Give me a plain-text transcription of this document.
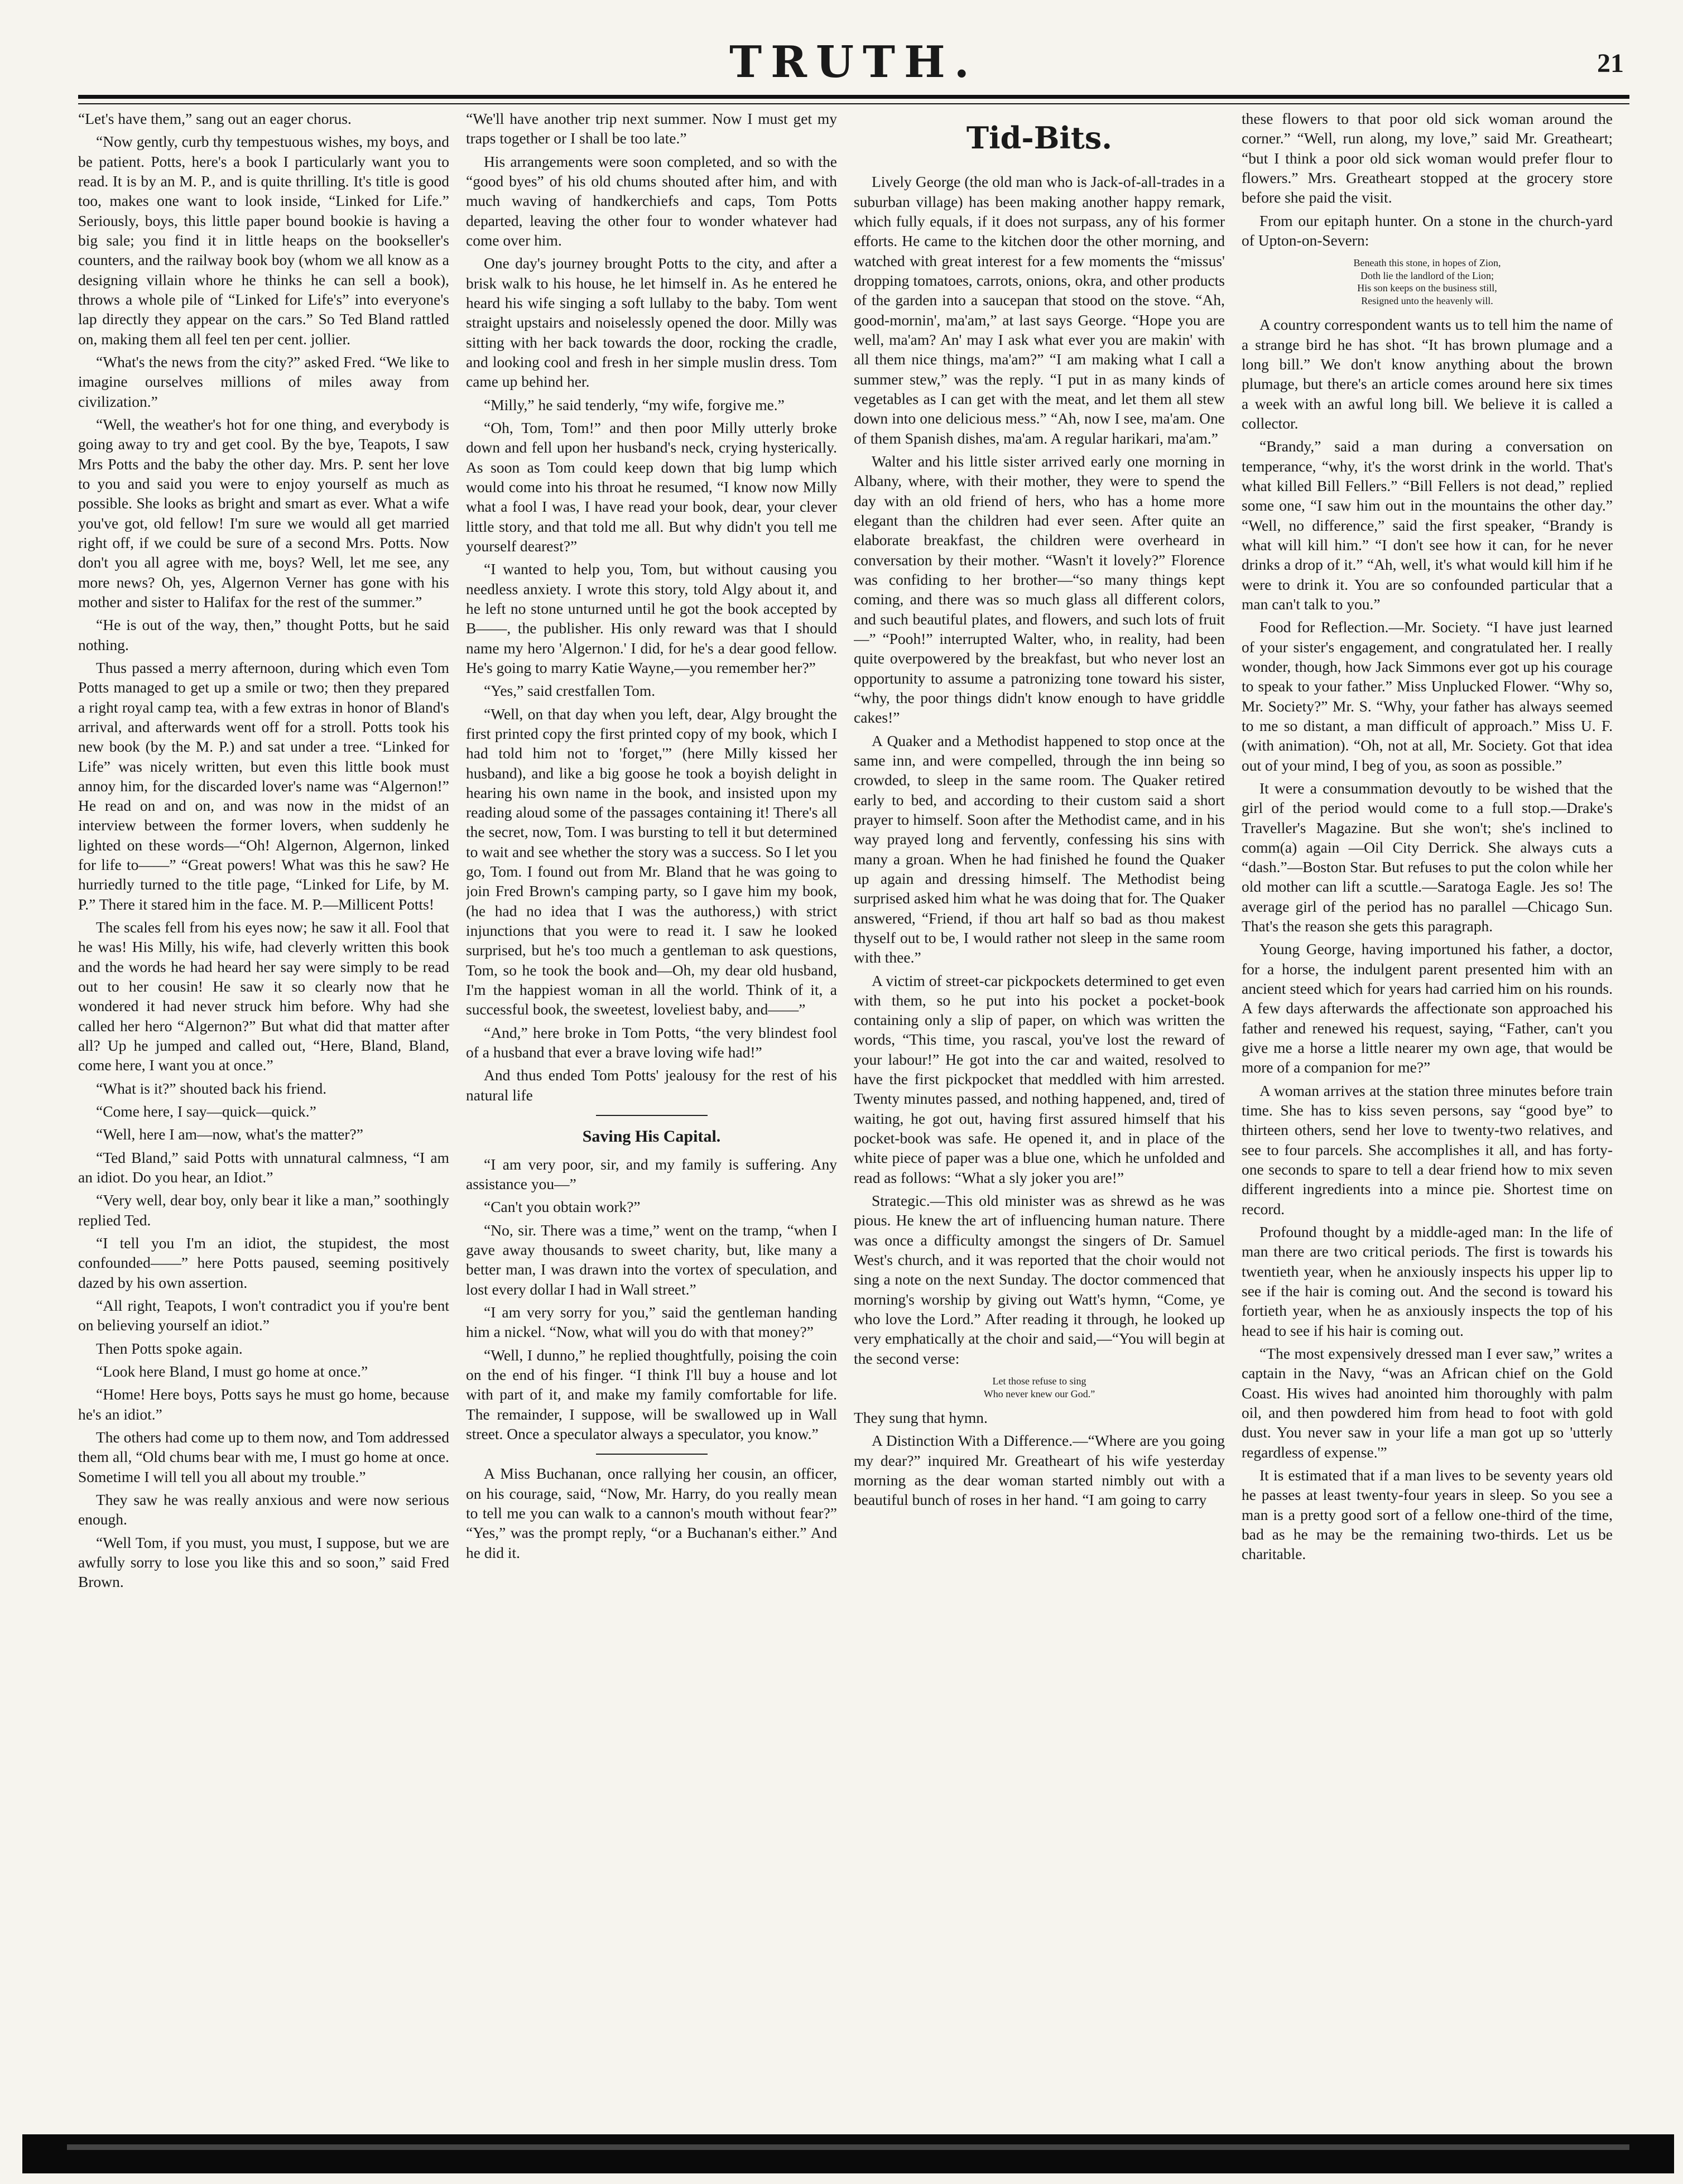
TRUTH.	21

“Let's have them,” sang out an eager chorus.

“Now gently, curb thy tempestuous wishes, my boys, and be patient. Potts, here's a book I particularly want you to read. It is by an M. P., and is quite thrilling. It's title is good too, makes one want to look inside, “Linked for Life.” Seriously, boys, this little paper bound bookie is having a big sale; you find it in little heaps on the bookseller's counters, and the railway book boy (whom we all know as a designing villain whore he thinks he can sell a book), throws a whole pile of “Linked for Life's” into everyone's lap directly they appear on the cars.” So Ted Bland rattled on, making them all feel ten per cent. jollier.

“What's the news from the city?” asked Fred. “We like to imagine ourselves millions of miles away from civilization.”

“Well, the weather's hot for one thing, and everybody is going away to try and get cool. By the bye, Teapots, I saw Mrs Potts and the baby the other day. Mrs. P. sent her love to you and said you were to enjoy yourself as much as possible. She looks as bright and smart as ever. What a wife you've got, old fellow! I'm sure we would all get married right off, if we could be sure of a second Mrs. Potts. Now don't you all agree with me, boys? Well, let me see, any more news? Oh, yes, Algernon Verner has gone with his mother and sister to Halifax for the rest of the summer.”

“He is out of the way, then,” thought Potts, but he said nothing.

Thus passed a merry afternoon, during which even Tom Potts managed to get up a smile or two; then they prepared a right royal camp tea, with a few extras in honor of Bland's arrival, and afterwards went off for a stroll. Potts took his new book (by the M. P.) and sat under a tree. “Linked for Life” was nicely written, but even this little book must annoy him, for the discarded lover's name was “Algernon!” He read on and on, and was now in the midst of an interview between the former lovers, when suddenly he lighted on these words—“Oh! Algernon, Algernon, linked for life to——” “Great powers! What was this he saw? He hurriedly turned to the title page, “Linked for Life, by M. P.” There it stared him in the face. M. P.—Millicent Potts!

The scales fell from his eyes now; he saw it all. Fool that he was! His Milly, his wife, had cleverly written this book and the words he had heard her say were simply to be read out to her cousin! He saw it so clearly now that he wondered it had never struck him before. Why had she called her hero “Algernon?” But what did that matter after all? Up he jumped and called out, “Here, Bland, Bland, come here, I want you at once.”

“What is it?” shouted back his friend.

“Come here, I say—quick—quick.”

“Well, here I am—now, what's the matter?”

“Ted Bland,” said Potts with unnatural calmness, “I am an idiot. Do you hear, an Idiot.”

“Very well, dear boy, only bear it like a man,” soothingly replied Ted.

“I tell you I'm an idiot, the stupidest, the most confounded——” here Potts paused, seeming positively dazed by his own assertion.

“All right, Teapots, I won't contradict you if you're bent on believing yourself an idiot.”

Then Potts spoke again.

“Look here Bland, I must go home at once.”

“Home! Here boys, Potts says he must go home, because he's an idiot.”

The others had come up to them now, and Tom addressed them all, “Old chums bear with me, I must go home at once. Sometime I will tell you all about my trouble.”

They saw he was really anxious and were now serious enough.

“Well Tom, if you must, you must, I suppose, but we are awfully sorry to lose you like this and so soon,” said Fred Brown.

“We'll have another trip next summer. Now I must get my traps together or I shall be too late.”

His arrangements were soon completed, and so with the “good byes” of his old chums shouted after him, and with much waving of handkerchiefs and caps, Tom Potts departed, leaving the other four to wonder whatever had come over him.

One day's journey brought Potts to the city, and after a brisk walk to his house, he let himself in. As he entered he heard his wife singing a soft lullaby to the baby. Tom went straight upstairs and noiselessly opened the door. Milly was sitting with her back towards the door, rocking the cradle, and looking cool and fresh in her simple muslin dress. Tom came up behind her.

“Milly,” he said tenderly, “my wife, forgive me.”

“Oh, Tom, Tom!” and then poor Milly utterly broke down and fell upon her husband's neck, crying hysterically. As soon as Tom could keep down that big lump which would come into his throat he resumed, “I know now Milly what a fool I was, I have read your book, dear, your clever little story, and that told me all. But why didn't you tell me yourself dearest?”

“I wanted to help you, Tom, but without causing you needless anxiety. I wrote this story, told Algy about it, and he left no stone unturned until he got the book accepted by B——, the publisher. His only reward was that I should name my hero 'Algernon.' I did, for he's a dear good fellow. He's going to marry Katie Wayne,—you remember her?”

“Yes,” said crestfallen Tom.

“Well, on that day when you left, dear, Algy brought the first printed copy the first printed copy of my book, which I had told him not to 'forget,'” (here Milly kissed her husband), and like a big goose he took a boyish delight in hearing his own name in the book, and insisted upon my reading aloud some of the passages containing it! There's all the secret, now, Tom. I was bursting to tell it but determined to wait and see whether the story was a success. So I let you go, Tom. I found out from Mr. Bland that he was going to join Fred Brown's camping party, so I gave him my book, (he had no idea that I was the authoress,) with strict injunctions that you were to read it. I saw he looked surprised, but he's too much a gentleman to ask questions, Tom, so he took the book and—Oh, my dear old husband, I'm the happiest woman in all the world. Think of it, a successful book, the sweetest, loveliest baby, and——”

“And,” here broke in Tom Potts, “the very blindest fool of a husband that ever a brave loving wife had!”

And thus ended Tom Potts' jealousy for the rest of his natural life

Saving His Capital.

“I am very poor, sir, and my family is suffering. Any assistance you—”

“Can't you obtain work?”

“No, sir. There was a time,” went on the tramp, “when I gave away thousands to sweet charity, but, like many a better man, I was drawn into the vortex of speculation, and lost every dollar I had in Wall street.”

“I am very sorry for you,” said the gentleman handing him a nickel. “Now, what will you do with that money?”

“Well, I dunno,” he replied thoughtfully, poising the coin on the end of his finger. “I think I'll buy a house and lot with part of it, and make my family comfortable for life. The remainder, I suppose, will be swallowed up in Wall street. Once a speculator always a speculator, you know.”

A Miss Buchanan, once rallying her cousin, an officer, on his courage, said, “Now, Mr. Harry, do you really mean to tell me you can walk to a cannon's mouth without fear?” “Yes,” was the prompt reply, “or a Buchanan's either.” And he did it.

Tid-Bits.

Lively George (the old man who is Jack-of-all-trades in a suburban village) has been making another happy remark, which fully equals, if it does not surpass, any of his former efforts. He came to the kitchen door the other morning, and watched with great interest for a few moments the “missus' dropping tomatoes, carrots, onions, okra, and other products of the garden into a saucepan that stood on the stove. “Ah, good-mornin', ma'am,” at last says George. “Hope you are well, ma'am? An' may I ask what ever you are makin' with all them nice things, ma'am?” “I am making what I call a summer stew,” was the reply. “I put in as many kinds of vegetables as I can get with the meat, and let them all stew down into one delicious mess.” “Ah, now I see, ma'am. One of them Spanish dishes, ma'am. A regular harikari, ma'am.”

Walter and his little sister arrived early one morning in Albany, where, with their mother, they were to spend the day with an old friend of hers, who has a home more elegant than the children had ever seen. After quite an elaborate breakfast, the children were overheard in conversation by their mother. “Wasn't it lovely?” Florence was confiding to her brother—“so many things kept coming, and there was so much glass all different colors, and such beautiful plates, and flowers, and such lots of fruit—” “Pooh!” interrupted Walter, who, in reality, had been quite overpowered by the breakfast, but who never lost an opportunity to assume a patronizing tone toward his sister, “why, the poor things didn't know enough to have griddle cakes!”

A Quaker and a Methodist happened to stop once at the same inn, and were compelled, through the inn being so crowded, to sleep in the same room. The Quaker retired early to bed, and according to their custom said a short prayer to himself. Soon after the Methodist came, and in his way prayed long and fervently, confessing his sins with many a groan. When he had finished he found the Quaker up again and dressing himself. The Methodist being surprised asked him what he was doing that for. The Quaker answered, “Friend, if thou art half so bad as thou makest thyself out to be, I would rather not sleep in the same room with thee.”

A victim of street-car pickpockets determined to get even with them, so he put into his pocket a pocket-book containing only a slip of paper, on which was written the words, “This time, you rascal, you've lost the reward of your labour!” He got into the car and waited, resolved to have the first pickpocket that meddled with him arrested. Twenty minutes passed, and nothing happened, and, tired of waiting, he got out, having first assured himself that his pocket-book was safe. He opened it, and in place of the white piece of paper was a blue one, which he unfolded and read as follows: “What a sly joker you are!”

Strategic.—This old minister was as shrewd as he was pious. He knew the art of influencing human nature. There was once a difficulty amongst the singers of Dr. Samuel West's church, and it was reported that the choir would not sing a note on the next Sunday. The doctor commenced that morning's worship by giving out Watt's hymn, “Come, ye who love the Lord.” After reading it through, he looked up very emphatically at the choir and said,—“You will begin at the second verse:

Let those refuse to sing
Who never knew our God.”

They sung that hymn.

A Distinction With a Difference.—“Where are you going my dear?” inquired Mr. Greatheart of his wife yesterday morning as the dear woman started nimbly out with a beautiful bunch of roses in her hand. “I am going to carry

these flowers to that poor old sick woman around the corner.” “Well, run along, my love,” said Mr. Greatheart; “but I think a poor old sick woman would prefer flour to flowers.” Mrs. Greatheart stopped at the grocery store before she paid the visit.

From our epitaph hunter. On a stone in the church-yard of Upton-on-Severn:

Beneath this stone, in hopes of Zion,
Doth lie the landlord of the Lion;
His son keeps on the business still,
Resigned unto the heavenly will.

A country correspondent wants us to tell him the name of a strange bird he has shot. “It has brown plumage and a long bill.” We don't know anything about the brown plumage, but there's an article comes around here six times a week with an awful long bill. We believe it is called a collector.

“Brandy,” said a man during a conversation on temperance, “why, it's the worst drink in the world. That's what killed Bill Fellers.” “Bill Fellers is not dead,” replied some one, “I saw him out in the mountains the other day.” “Well, no difference,” said the first speaker, “Brandy is what will kill him.” “I don't see how it can, for he never drinks a drop of it.” “Ah, well, it's what would kill him if he were to drink it. You are so confounded particular that a man can't talk to you.”

Food for Reflection.—Mr. Society. “I have just learned of your sister's engagement, and congratulated her. I really wonder, though, how Jack Simmons ever got up his courage to speak to your father.” Miss Unplucked Flower. “Why so, Mr. Society?” Mr. S. “Why, your father has always seemed to me so distant, a man difficult of approach.” Miss U. F. (with animation). “Oh, not at all, Mr. Society. Got that idea out of your mind, I beg of you, as soon as possible.”

It were a consummation devoutly to be wished that the girl of the period would come to a full stop.—Drake's Traveller's Magazine. But she won't; she's inclined to comm(a) again —Oil City Derrick. She always cuts a “dash.”—Boston Star. But refuses to put the colon while her old mother can lift a scuttle.—Saratoga Eagle. Jes so! The average girl of the period has no parallel —Chicago Sun. That's the reason she gets this paragraph.

Young George, having importuned his father, a doctor, for a horse, the indulgent parent presented him with an ancient steed which for years had carried him on his rounds. A few days afterwards the affectionate son approached his father and renewed his request, saying, “Father, can't you give me a horse a little nearer my own age, that would be more of a companion for me?”

A woman arrives at the station three minutes before train time. She has to kiss seven persons, say “good bye” to thirteen others, send her love to twenty-two relatives, and see to four parcels. She accomplishes it all, and has forty-one seconds to spare to tell a dear friend how to mix seven different ingredients into a mince pie. Shortest time on record.

Profound thought by a middle-aged man: In the life of man there are two critical periods. The first is towards his twentieth year, when he anxiously inspects his upper lip to see if the hair is coming out. And the second is toward his fortieth year, when he as anxiously inspects the top of his head to see if his hair is coming out.

“The most expensively dressed man I ever saw,” writes a captain in the Navy, “was an African chief on the Gold Coast. His wives had anointed him thoroughly with palm oil, and then powdered him from head to foot with gold dust. You never saw in your life a man got up so 'utterly regardless of expense.'”

It is estimated that if a man lives to be seventy years old he passes at least twenty-four years in sleep. So you see a man is a pretty good sort of a fellow one-third of the time, bad as he may be the remaining two-thirds. Let us be charitable.
